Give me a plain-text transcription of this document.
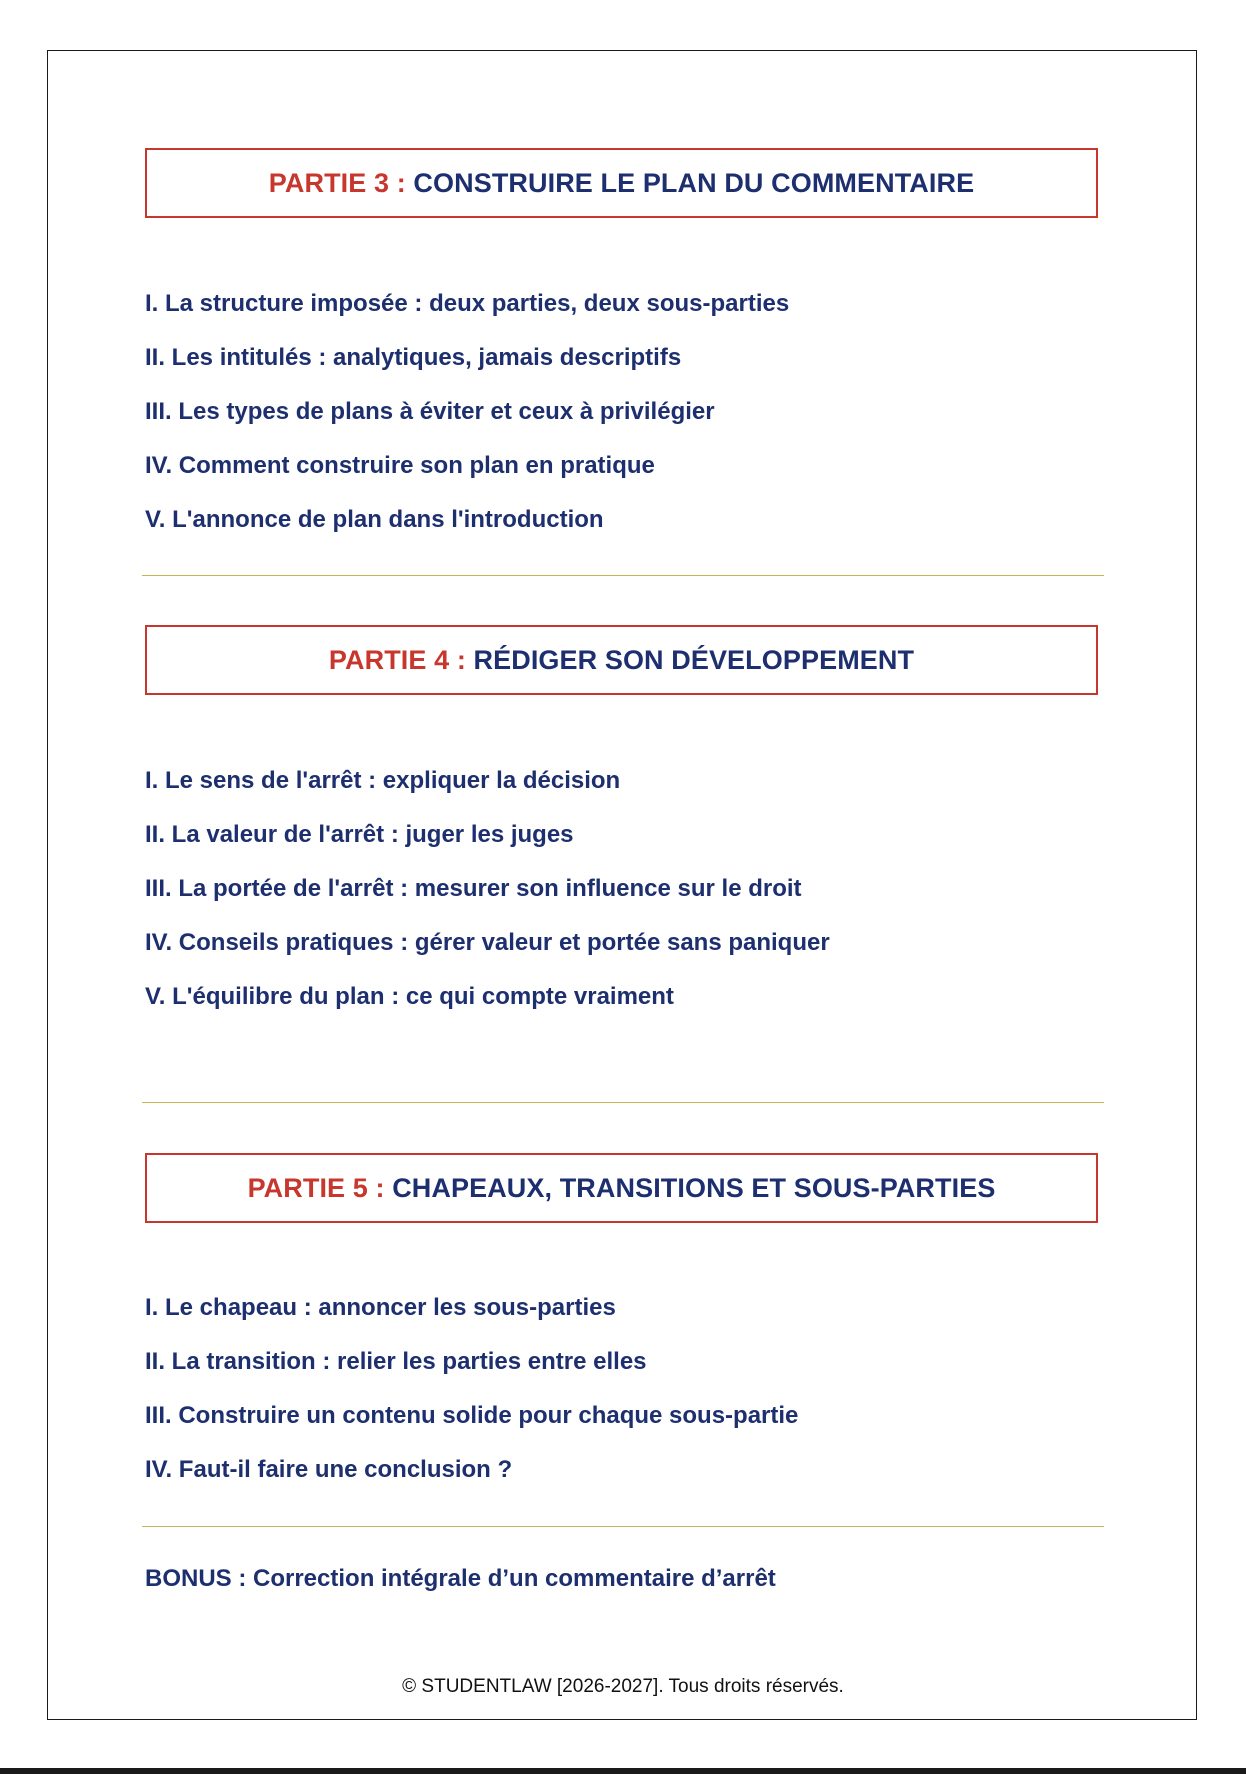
PARTIE 3 : CONSTRUIRE LE PLAN DU COMMENTAIRE
I. La structure imposée : deux parties, deux sous-parties
II. Les intitulés : analytiques, jamais descriptifs
III. Les types de plans à éviter et ceux à privilégier
IV. Comment construire son plan en pratique
V. L'annonce de plan dans l'introduction
PARTIE 4 : RÉDIGER SON DÉVELOPPEMENT
I. Le sens de l'arrêt : expliquer la décision
II. La valeur de l'arrêt : juger les juges
III. La portée de l'arrêt : mesurer son influence sur le droit
IV. Conseils pratiques : gérer valeur et portée sans paniquer
V. L'équilibre du plan : ce qui compte vraiment
PARTIE 5 : CHAPEAUX, TRANSITIONS ET SOUS-PARTIES
I. Le chapeau : annoncer les sous-parties
II. La transition : relier les parties entre elles
III. Construire un contenu solide pour chaque sous-partie
IV. Faut-il faire une conclusion ?
BONUS : Correction intégrale d’un commentaire d’arrêt
© STUDENTLAW [2026-2027]. Tous droits réservés.
